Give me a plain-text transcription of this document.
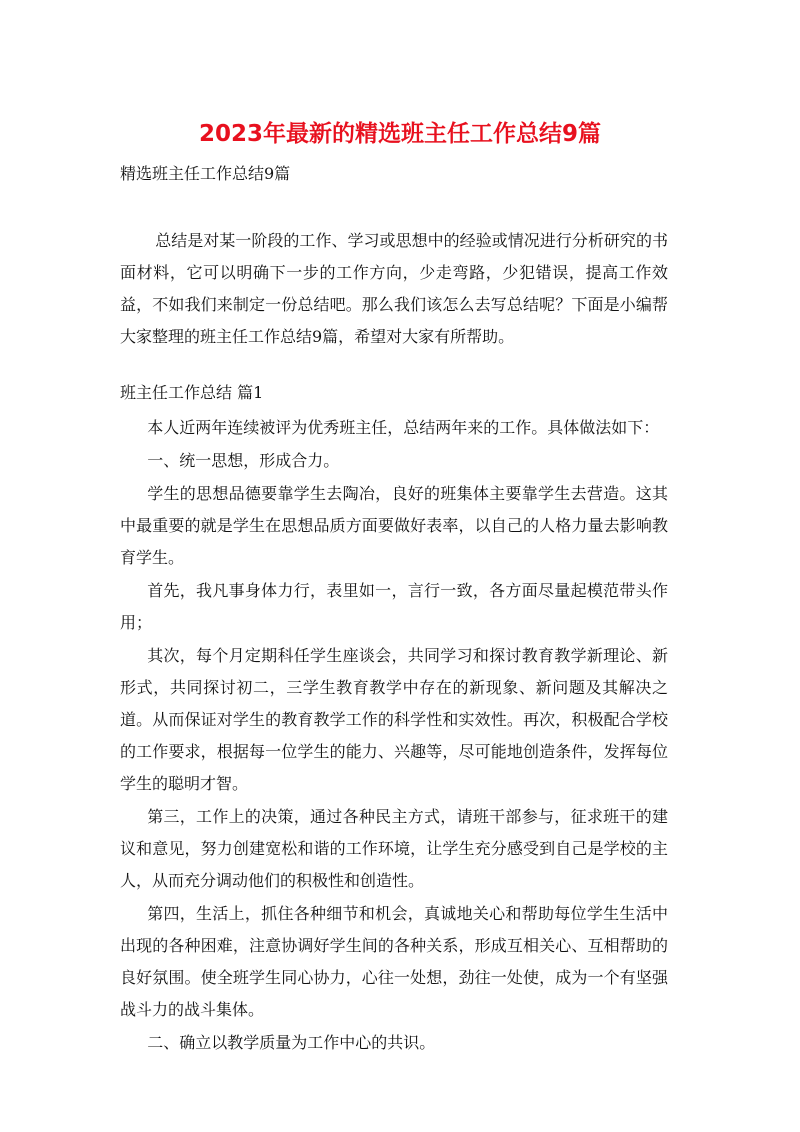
2023年最新的精选班主任工作总结9篇

精选班主任工作总结9篇

总结是对某一阶段的工作、学习或思想中的经验或情况进行分析研究的书面材料，它可以明确下一步的工作方向，少走弯路，少犯错误，提高工作效益，不如我们来制定一份总结吧。那么我们该怎么去写总结呢？下面是小编帮大家整理的班主任工作总结9篇，希望对大家有所帮助。

班主任工作总结 篇1

本人近两年连续被评为优秀班主任，总结两年来的工作。具体做法如下：

一、统一思想，形成合力。

学生的思想品德要靠学生去陶冶，良好的班集体主要靠学生去营造。这其中最重要的就是学生在思想品质方面要做好表率，以自己的人格力量去影响教育学生。

首先，我凡事身体力行，表里如一，言行一致，各方面尽量起模范带头作用；

其次，每个月定期科任学生座谈会，共同学习和探讨教育教学新理论、新形式，共同探讨初二，三学生教育教学中存在的新现象、新问题及其解决之道。从而保证对学生的教育教学工作的科学性和实效性。再次，积极配合学校的工作要求，根据每一位学生的能力、兴趣等，尽可能地创造条件，发挥每位学生的聪明才智。

第三，工作上的决策，通过各种民主方式，请班干部参与，征求班干的建议和意见，努力创建宽松和谐的工作环境，让学生充分感受到自己是学校的主人，从而充分调动他们的积极性和创造性。

第四，生活上，抓住各种细节和机会，真诚地关心和帮助每位学生生活中出现的各种困难，注意协调好学生间的各种关系，形成互相关心、互相帮助的良好氛围。使全班学生同心协力，心往一处想，劲往一处使，成为一个有坚强战斗力的战斗集体。

二、确立以教学质量为工作中心的共识。
